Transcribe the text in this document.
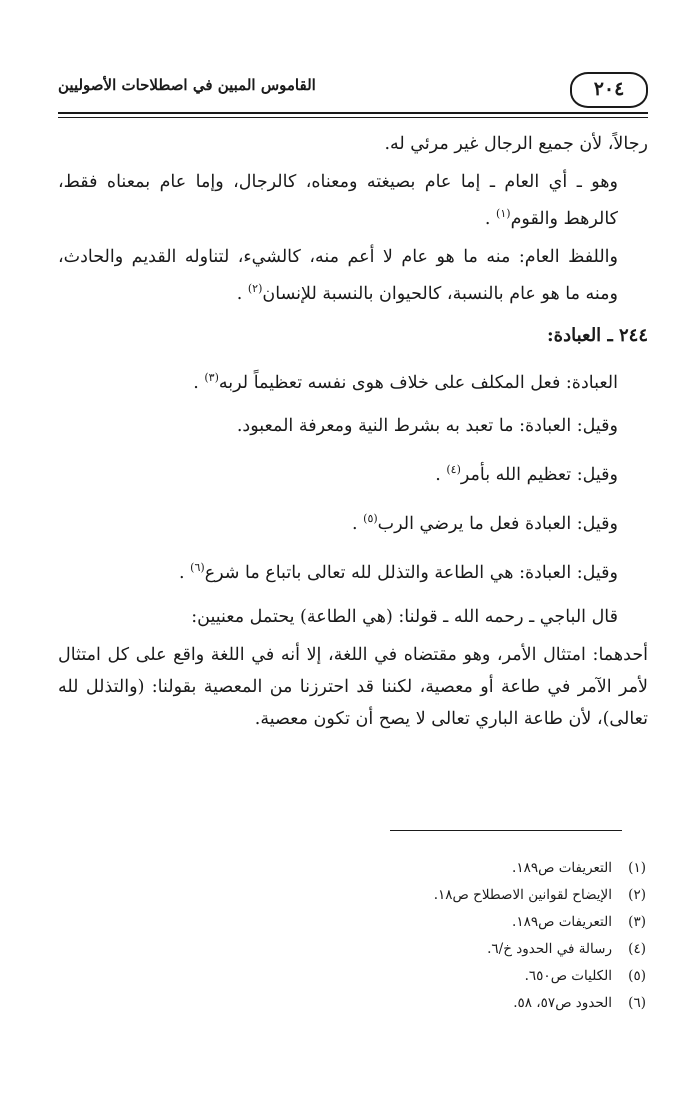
٢٠٤
القاموس المبين في اصطلاحات الأصوليين

رجالاً، لأن جميع الرجال غير مرئي له.

وهو ـ أي العام ـ إما عام بصيغته ومعناه، كالرجال، وإما عام بمعناه فقط، كالرهط والقوم$^{(١)}$ .

واللفظ العام: منه ما هو عام لا أعم منه، كالشيء، لتناوله القديم والحادث، ومنه ما هو عام بالنسبة، كالحيوان بالنسبة للإنسان$^{(٢)}$ .

٢٤٤ ـ العبادة:
العبادة: فعل المكلف على خلاف هوى نفسه تعظيماً لربه$^{(٣)}$ .
وقيل: العبادة: ما تعبد به بشرط النية ومعرفة المعبود.
وقيل: تعظيم الله بأمر$^{(٤)}$ .
وقيل: العبادة فعل ما يرضي الرب$^{(٥)}$ .
وقيل: العبادة: هي الطاعة والتذلل لله تعالى باتباع ما شرع$^{(٦)}$ .
قال الباجي ـ رحمه الله ـ قولنا: (هي الطاعة) يحتمل معنيين:

أحدهما: امتثال الأمر، وهو مقتضاه في اللغة، إلا أنه في اللغة واقع على كل امتثال لأمر الآمر في طاعة أو معصية، لكننا قد احترزنا من المعصية بقولنا: (والتذلل لله تعالى)، لأن طاعة الباري تعالى لا يصح أن تكون معصية.

(١)التعريفات ص١٨٩.
(٢)الإيضاح لقوانين الاصطلاح ص١٨.
(٣)التعريفات ص١٨٩.
(٤)رسالة في الحدود خ/٦.
(٥)الكليات ص٦٥٠.
(٦)الحدود ص٥٧، ٥٨.
